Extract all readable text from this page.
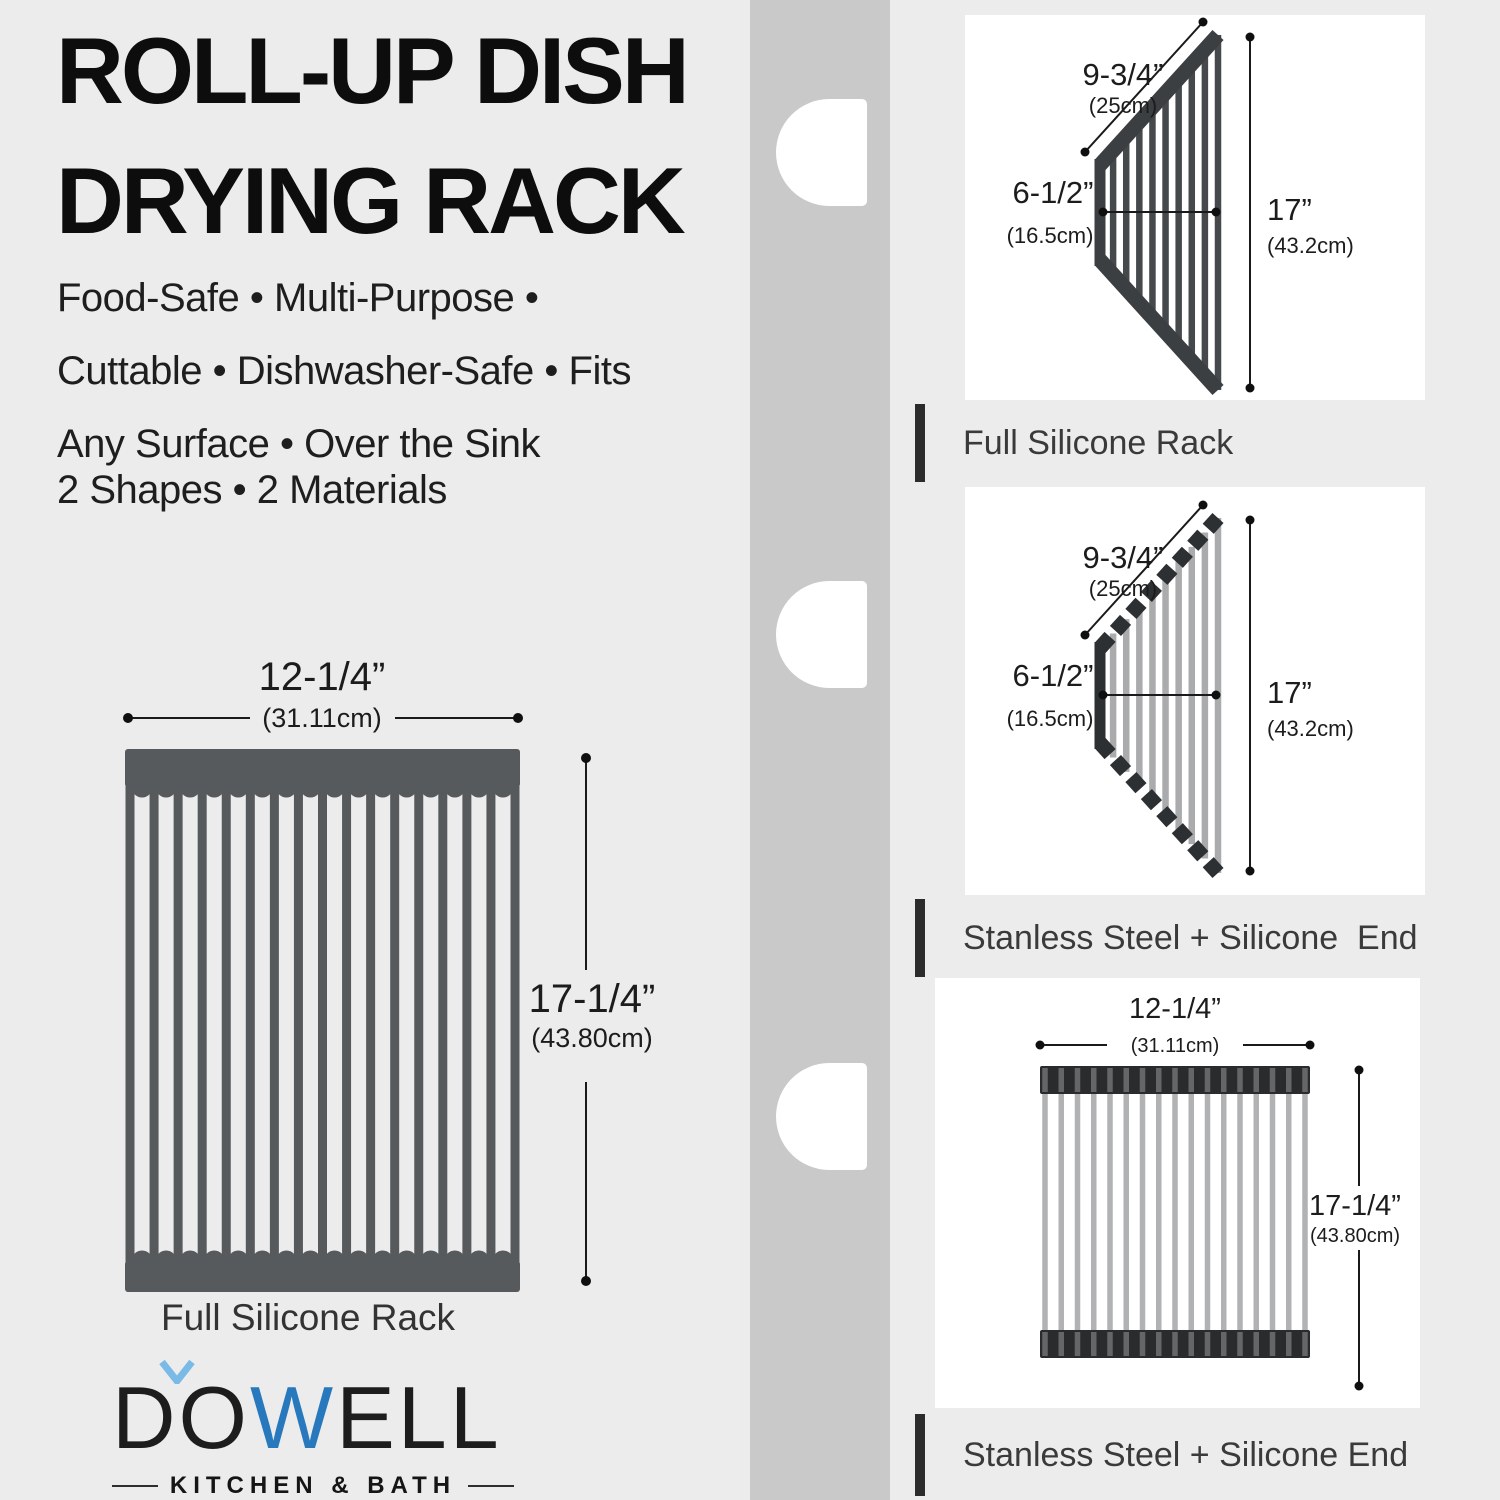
ROLL-UP DISH
DRYING RACK
Food-Safe • Multi-Purpose •
Cuttable • Dishwasher-Safe • Fits
Any Surface • Over the Sink
2 Shapes • 2 Materials
12-1/4”
(31.11cm)
17-1/4”
(43.80cm)
Full Silicone Rack
DO W ELL
KITCHEN & BATH
9-3/4”
(25cm)
6-1/2”
(16.5cm)
17”
(43.2cm)
Full Silicone Rack
9-3/4”
(25cm)
6-1/2”
(16.5cm)
17”
(43.2cm)
Stanless Steel + Silicone  End
12-1/4”
(31.11cm)
17-1/4”
(43.80cm)
Stanless Steel + Silicone End
